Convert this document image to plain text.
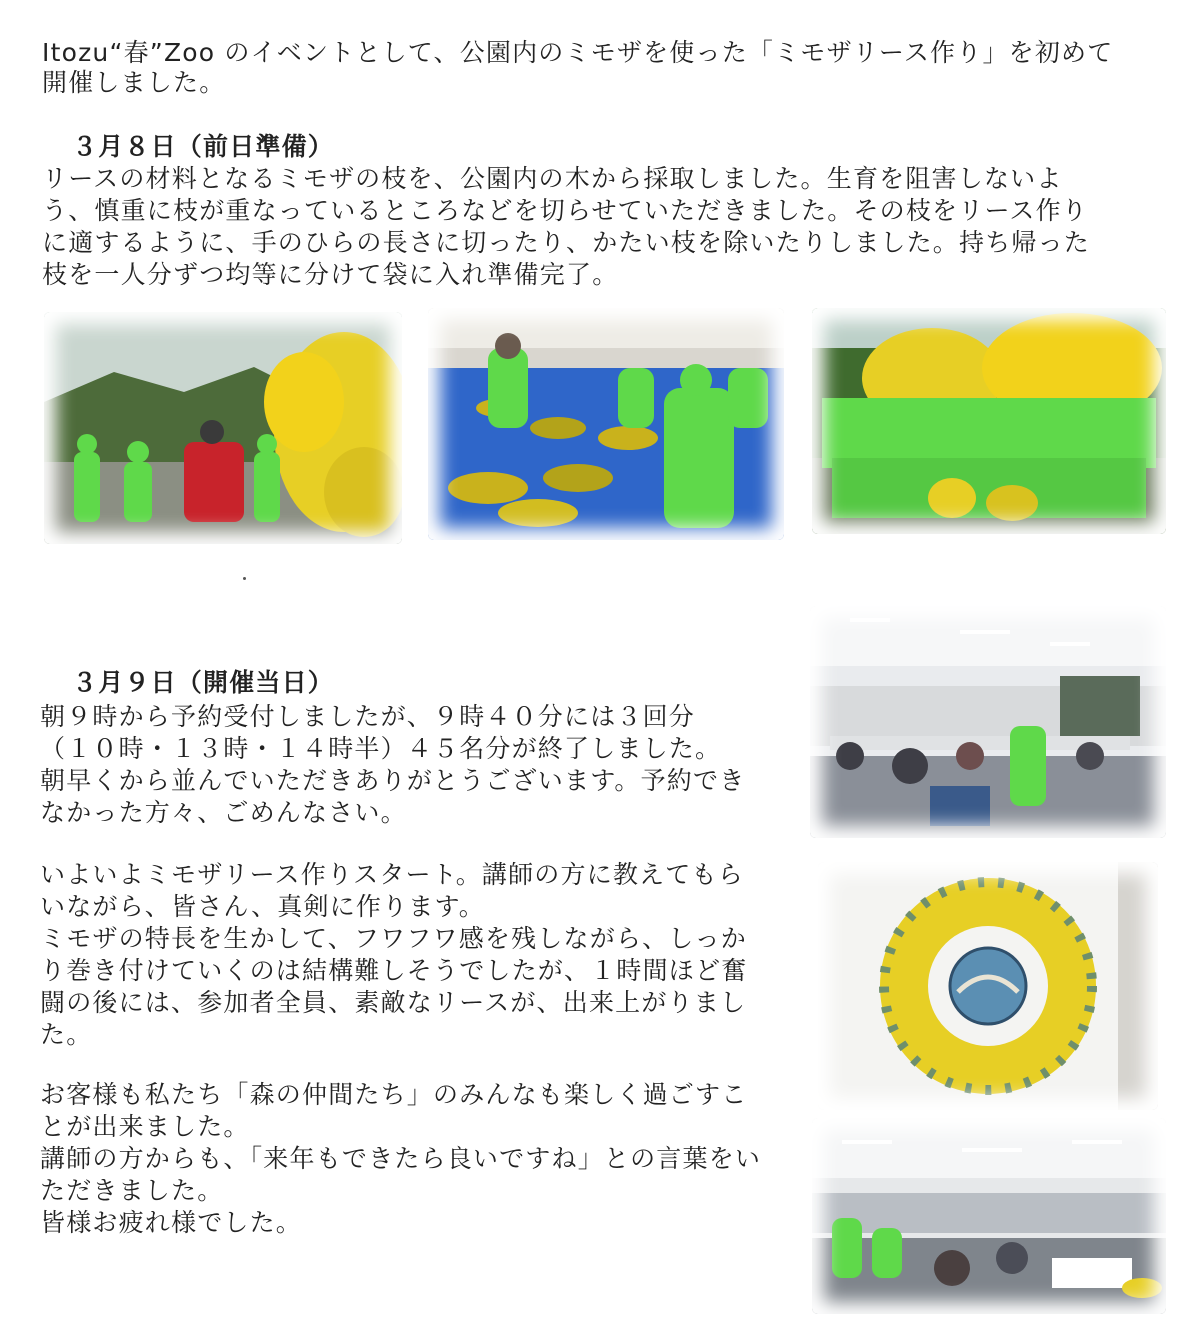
Itozu“春”Zoo のイベントとして、公園内のミモザを使った「ミモザリース作り」を初めて

開催しました。

３月８日（前日準備）

リースの材料となるミモザの枝を、公園内の木から採取しました。生育を阻害しないよ

う、慎重に枝が重なっているところなどを切らせていただきました。その枝をリース作り

に適するように、手のひらの長さに切ったり、かたい枝を除いたりしました。持ち帰った

枝を一人分ずつ均等に分けて袋に入れ準備完了。

３月９日（開催当日）

朝９時から予約受付しましたが、９時４０分には３回分

（１０時・１３時・１４時半）４５名分が終了しました。

朝早くから並んでいただきありがとうございます。予約でき

なかった方々、ごめんなさい。

いよいよミモザリース作りスタート。講師の方に教えてもら

いながら、皆さん、真剣に作ります。

ミモザの特長を生かして、フワフワ感を残しながら、しっか

り巻き付けていくのは結構難しそうでしたが、１時間ほど奮

闘の後には、参加者全員、素敵なリースが、出来上がりまし

た。

お客様も私たち「森の仲間たち」のみんなも楽しく過ごすこ

とが出来ました。

講師の方からも、「来年もできたら良いですね」との言葉をい

ただきました。

皆様お疲れ様でした。
